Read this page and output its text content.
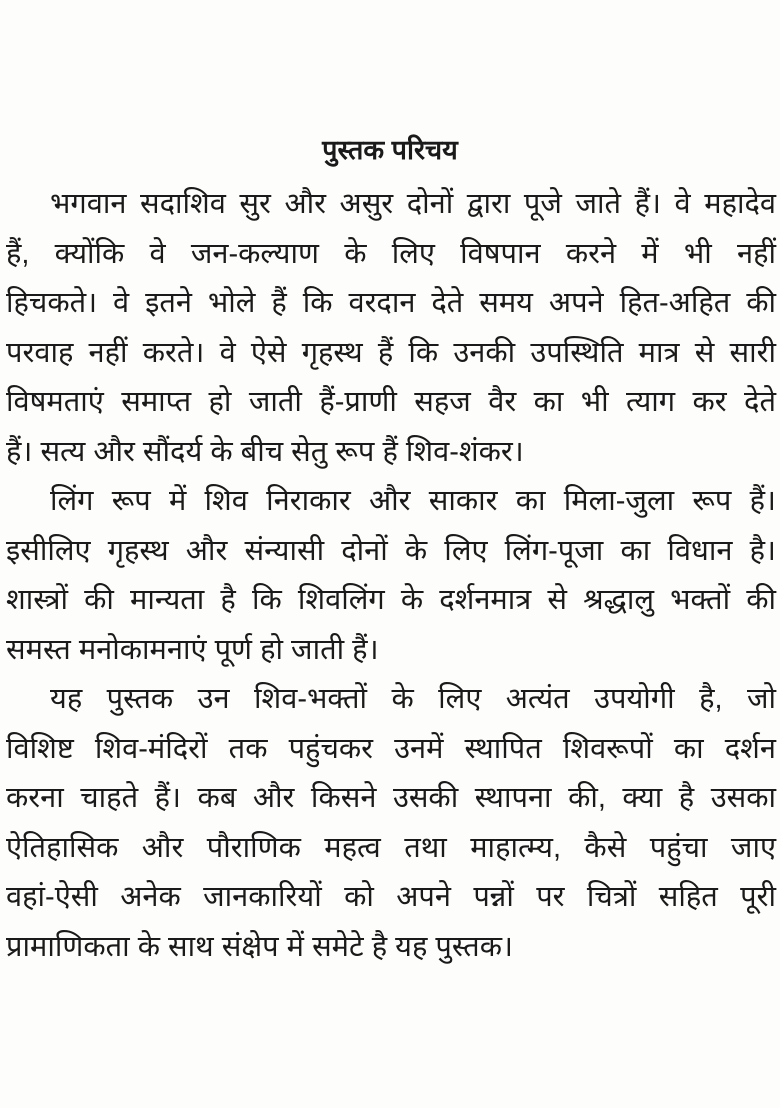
पुस्तक परिचय
भगवान सदाशिव सुर और असुर दोनों द्वारा पूजे जाते हैं। वे महादेव
हैं, क्योंकि वे जन-कल्याण के लिए विषपान करने में भी नहीं
हिचकते। वे इतने भोले हैं कि वरदान देते समय अपने हित-अहित की
परवाह नहीं करते। वे ऐसे गृहस्थ हैं कि उनकी उपस्थिति मात्र से सारी
विषमताएं समाप्त हो जाती हैं-प्राणी सहज वैर का भी त्याग कर देते
हैं। सत्य और सौंदर्य के बीच सेतु रूप हैं शिव-शंकर।
लिंग रूप में शिव निराकार और साकार का मिला-जुला रूप हैं।
इसीलिए गृहस्थ और संन्यासी दोनों के लिए लिंग-पूजा का विधान है।
शास्त्रों की मान्यता है कि शिवलिंग के दर्शनमात्र से श्रद्धालु भक्तों की
समस्त मनोकामनाएं पूर्ण हो जाती हैं।
यह पुस्तक उन शिव-भक्तों के लिए अत्यंत उपयोगी है, जो
विशिष्ट शिव-मंदिरों तक पहुंचकर उनमें स्थापित शिवरूपों का दर्शन
करना चाहते हैं। कब और किसने उसकी स्थापना की, क्या है उसका
ऐतिहासिक और पौराणिक महत्व तथा माहात्म्य, कैसे पहुंचा जाए
वहां-ऐसी अनेक जानकारियों को अपने पन्नों पर चित्रों सहित पूरी
प्रामाणिकता के साथ संक्षेप में समेटे है यह पुस्तक।
